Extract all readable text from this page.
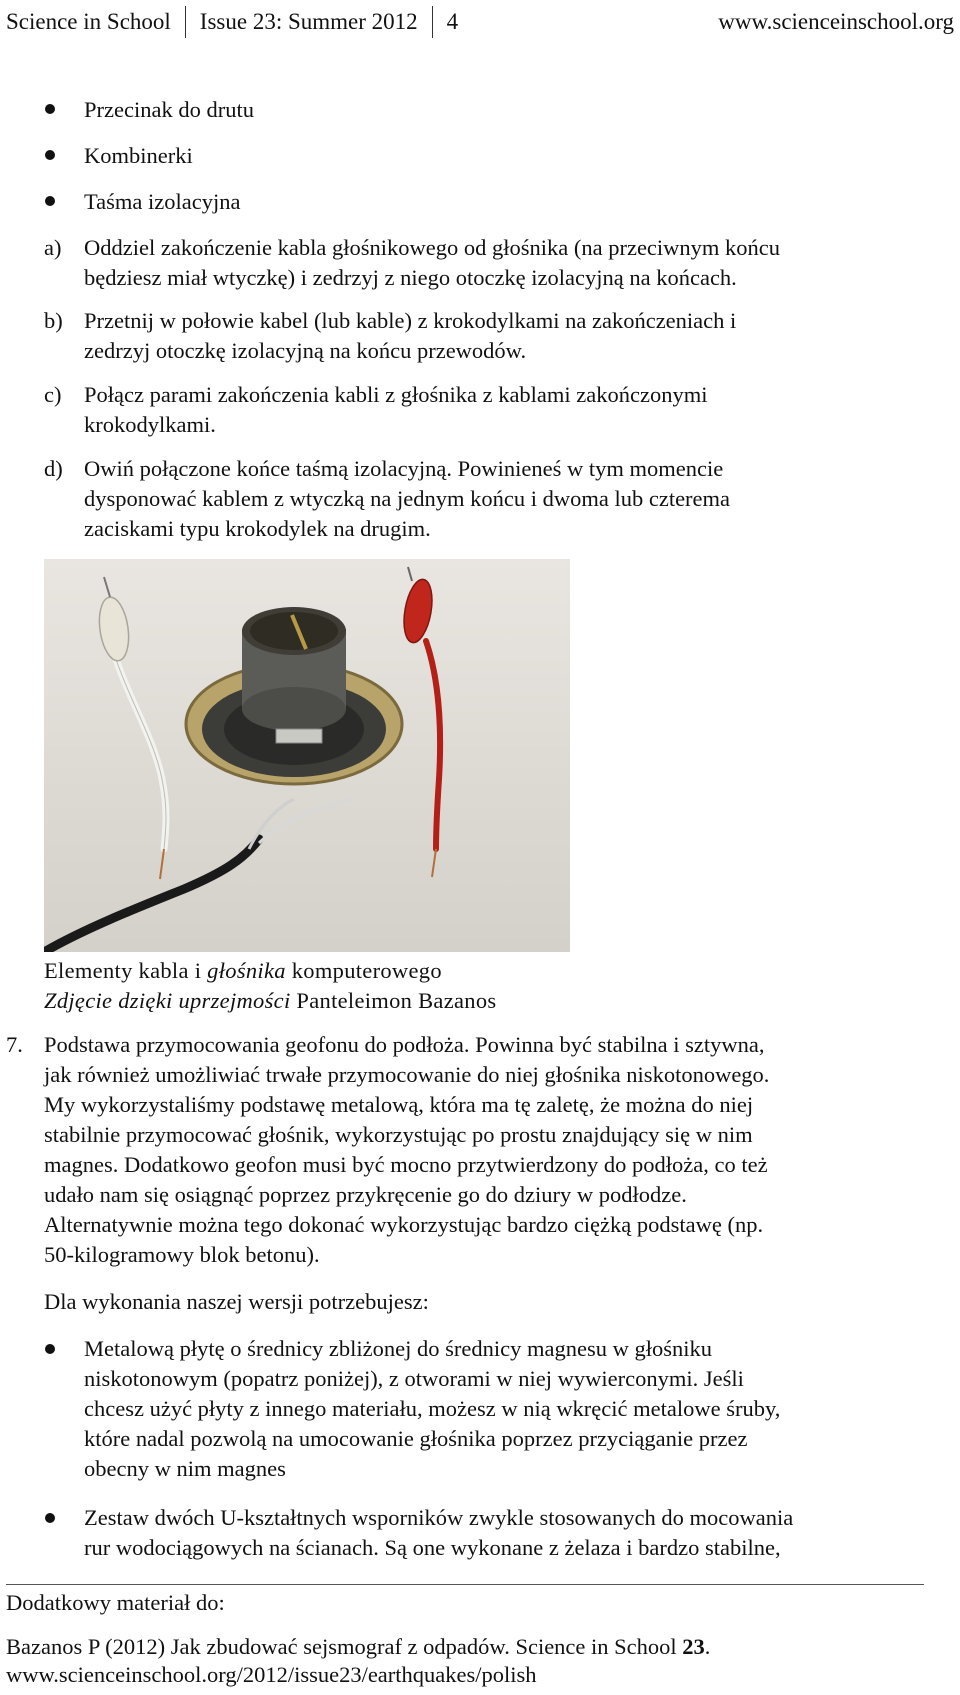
Science in School Issue 23: Summer 2012 4	www.scienceinschool.org
Przecinak do drutu
Kombinerki
Taśma izolacyjna
a) Oddziel zakończenie kabla głośnikowego od głośnika (na przeciwnym końcu
będziesz miał wtyczkę) i zedrzyj z niego otoczkę izolacyjną na końcach.
b) Przetnij w połowie kabel (lub kable) z krokodylkami na zakończeniach i
zedrzyj otoczkę izolacyjną na końcu przewodów.
c) Połącz parami zakończenia kabli z głośnika z kablami zakończonymi
krokodylkami.
d) Owiń połączone końce taśmą izolacyjną. Powinieneś w tym momencie
dysponować kablem z wtyczką na jednym końcu i dwoma lub czterema
zaciskami typu krokodylek na drugim.
Elementy kabla i głośnika komputerowego
Zdjęcie dzięki uprzejmości Panteleimon Bazanos
7. Podstawa przymocowania geofonu do podłoża. Powinna być stabilna i sztywna,
jak również umożliwiać trwałe przymocowanie do niej głośnika niskotonowego.
My wykorzystaliśmy podstawę metalową, która ma tę zaletę, że można do niej
stabilnie przymocować głośnik, wykorzystując po prostu znajdujący się w nim
magnes. Dodatkowo geofon musi być mocno przytwierdzony do podłoża, co też
udało nam się osiągnąć poprzez przykręcenie go do dziury w podłodze.
Alternatywnie można tego dokonać wykorzystując bardzo ciężką podstawę (np.
50-kilogramowy blok betonu).
Dla wykonania naszej wersji potrzebujesz:
Metalową płytę o średnicy zbliżonej do średnicy magnesu w głośniku
niskotonowym (popatrz poniżej), z otworami w niej wywierconymi. Jeśli
chcesz użyć płyty z innego materiału, możesz w nią wkręcić metalowe śruby,
które nadal pozwolą na umocowanie głośnika poprzez przyciąganie przez
obecny w nim magnes
Zestaw dwóch U-kształtnych wsporników zwykle stosowanych do mocowania
rur wodociągowych na ścianach. Są one wykonane z żelaza i bardzo stabilne,
Dodatkowy materiał do:
Bazanos P (2012) Jak zbudować sejsmograf z odpadów. Science in School 23.
www.scienceinschool.org/2012/issue23/earthquakes/polish
